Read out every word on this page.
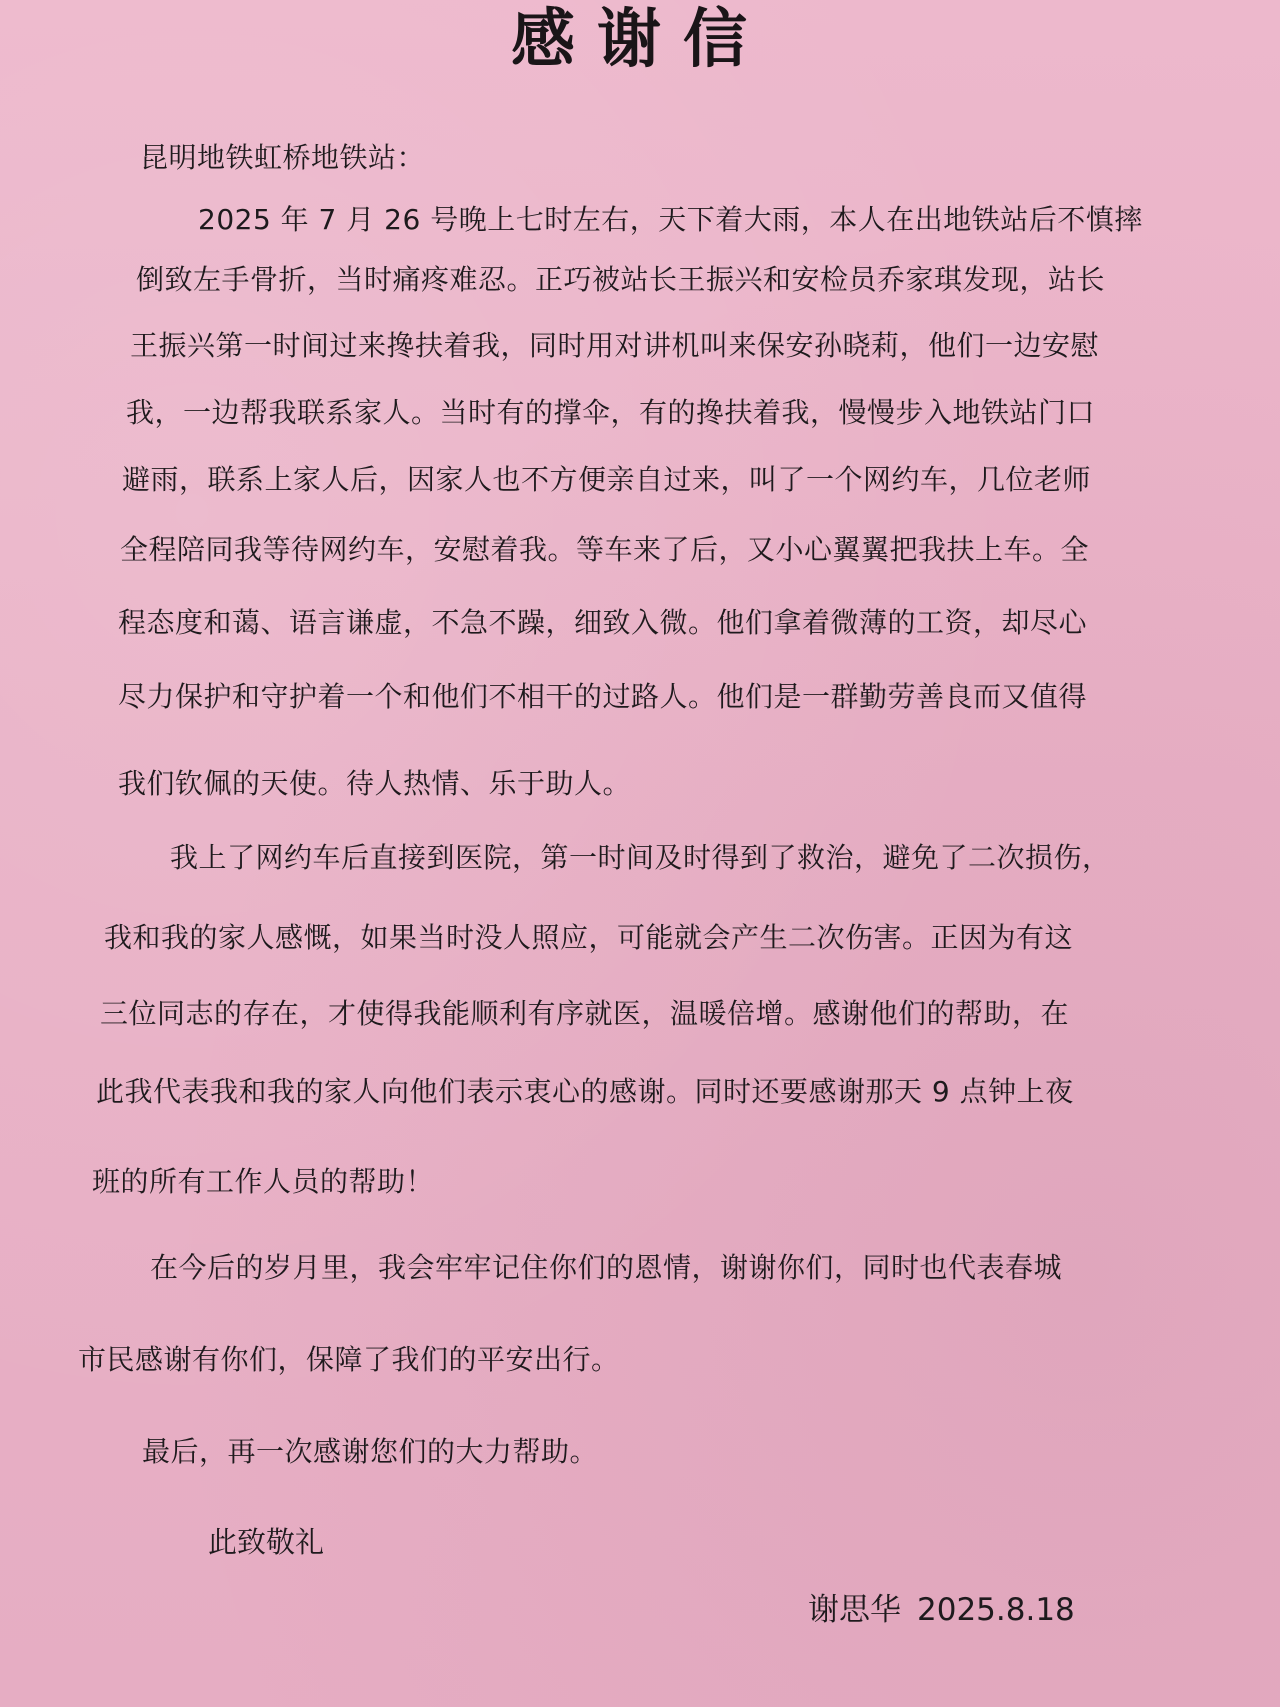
感谢信

昆明地铁虹桥地铁站：

2025 年 7 月 26 号晚上七时左右，天下着大雨，本人在出地铁站后不慎摔

倒致左手骨折，当时痛疼难忍。正巧被站长王振兴和安检员乔家琪发现，站长

王振兴第一时间过来搀扶着我，同时用对讲机叫来保安孙晓莉，他们一边安慰

我，一边帮我联系家人。当时有的撑伞，有的搀扶着我，慢慢步入地铁站门口

避雨，联系上家人后，因家人也不方便亲自过来，叫了一个网约车，几位老师

全程陪同我等待网约车，安慰着我。等车来了后，又小心翼翼把我扶上车。全

程态度和蔼、语言谦虚，不急不躁，细致入微。他们拿着微薄的工资，却尽心

尽力保护和守护着一个和他们不相干的过路人。他们是一群勤劳善良而又值得

我们钦佩的天使。待人热情、乐于助人。

我上了网约车后直接到医院，第一时间及时得到了救治，避免了二次损伤，

我和我的家人感慨，如果当时没人照应，可能就会产生二次伤害。正因为有这

三位同志的存在，才使得我能顺利有序就医，温暖倍增。感谢他们的帮助，在

此我代表我和我的家人向他们表示衷心的感谢。同时还要感谢那天 9 点钟上夜

班的所有工作人员的帮助！

在今后的岁月里，我会牢牢记住你们的恩情，谢谢你们，同时也代表春城

市民感谢有你们，保障了我们的平安出行。

最后，再一次感谢您们的大力帮助。

此致敬礼

谢思华 2025.8.18
